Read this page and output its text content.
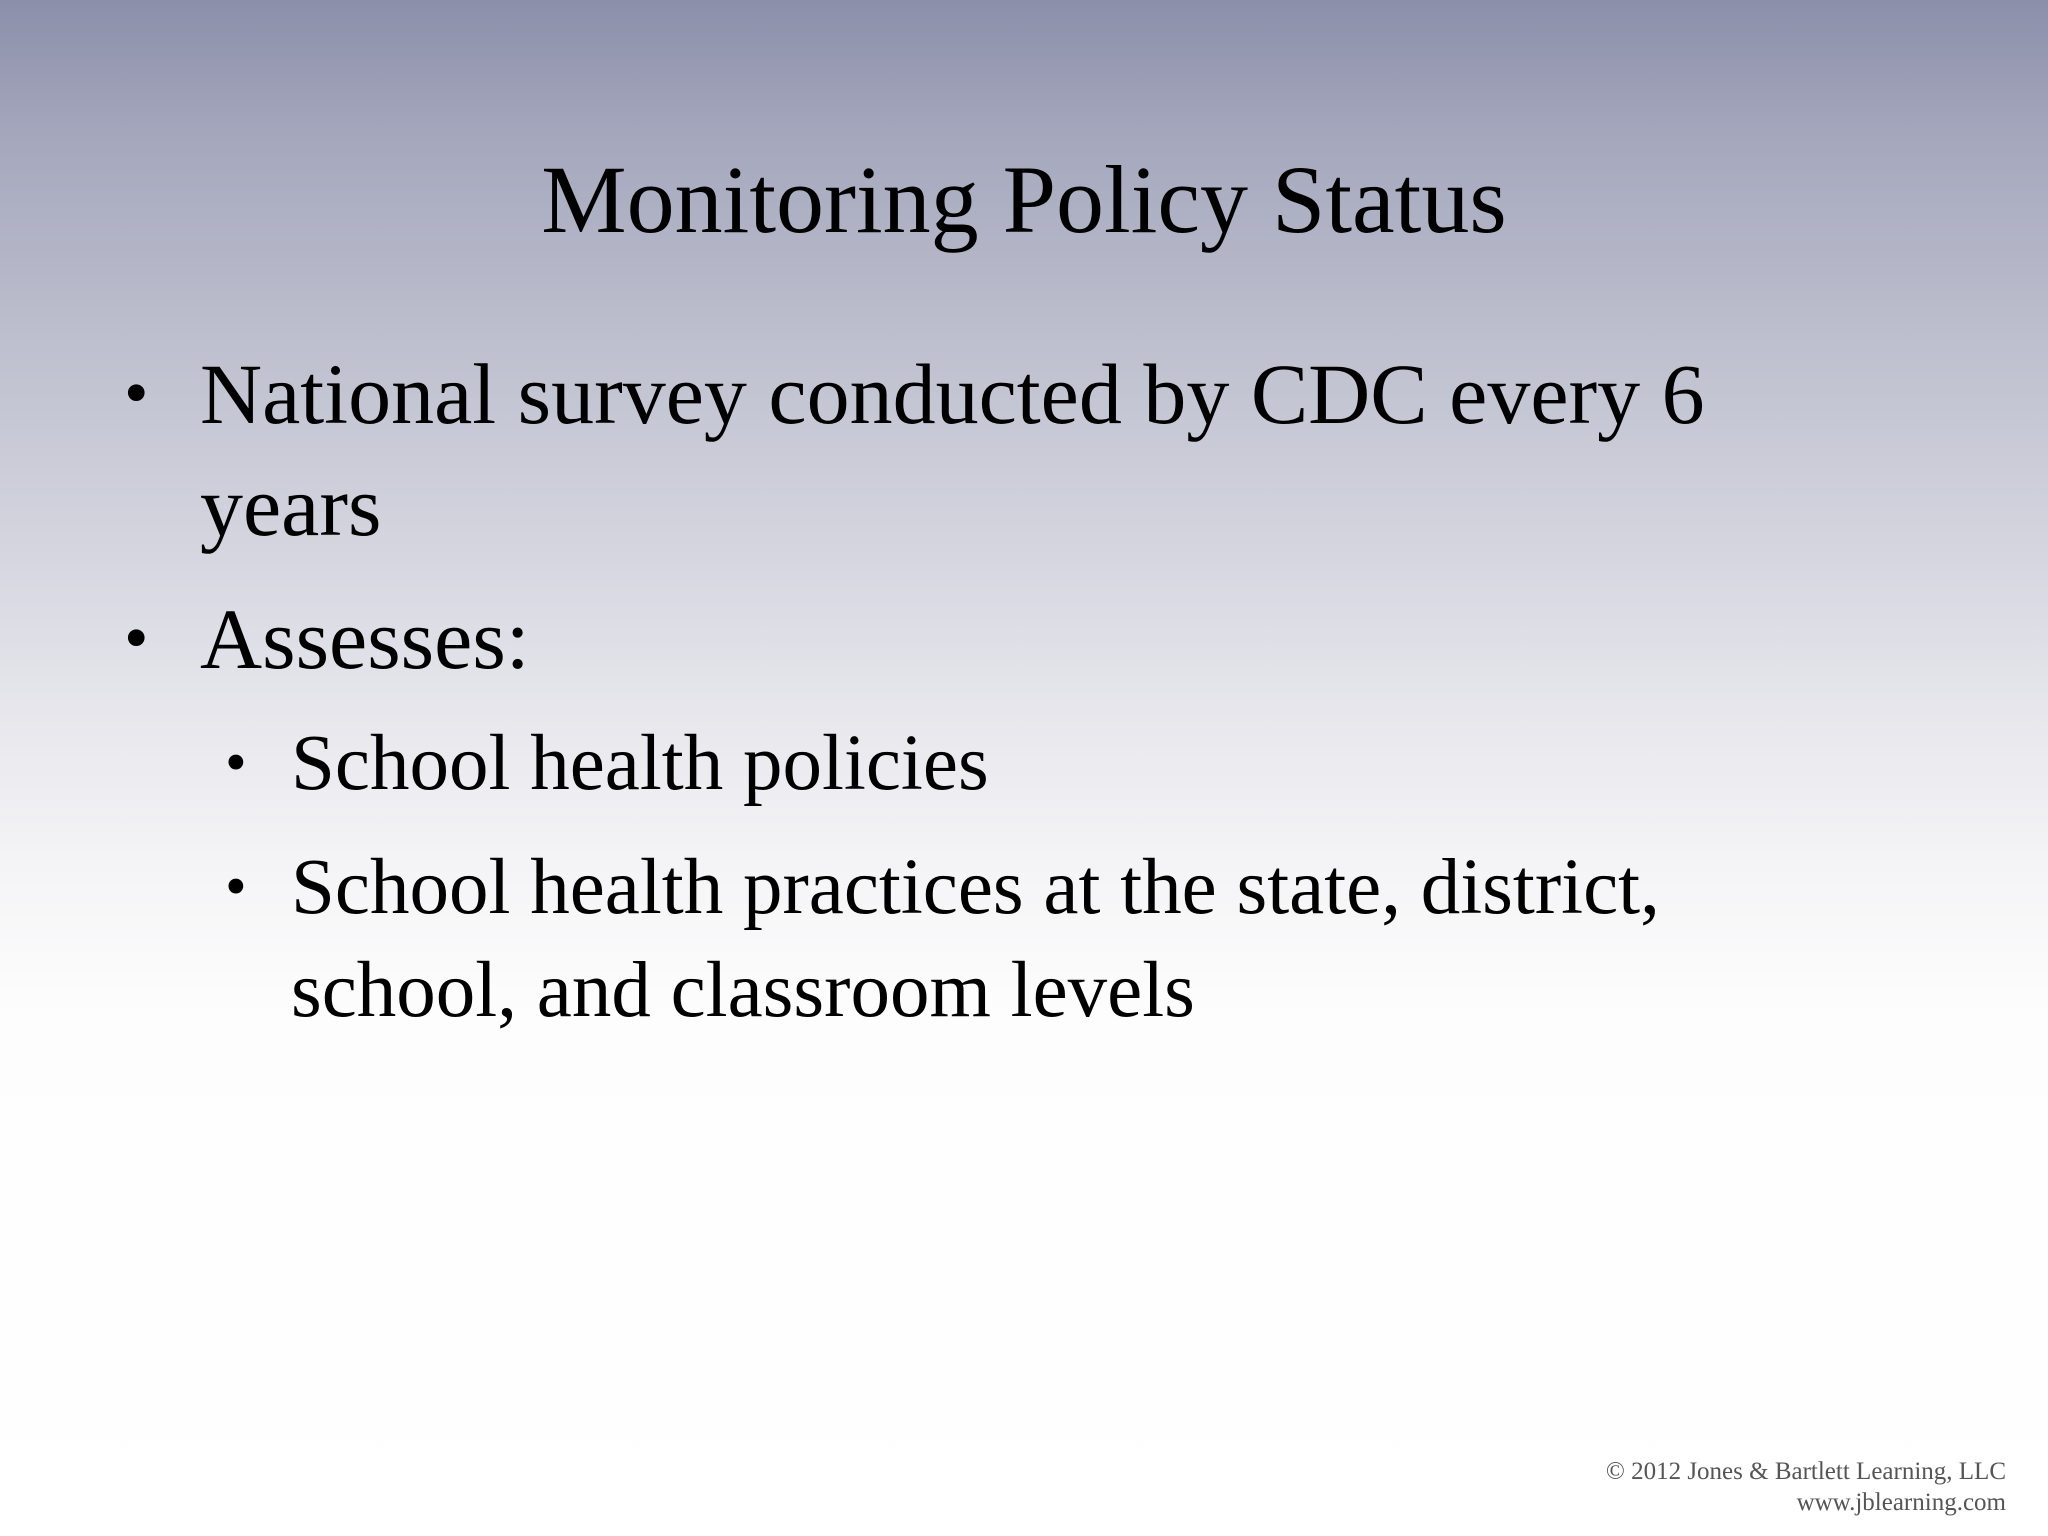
Monitoring Policy Status
• National survey conducted by CDC every 6
years
• Assesses:
• School health policies
• School health practices at the state, district,
school, and classroom levels
© 2012 Jones & Bartlett Learning, LLC
www.jblearning.com
